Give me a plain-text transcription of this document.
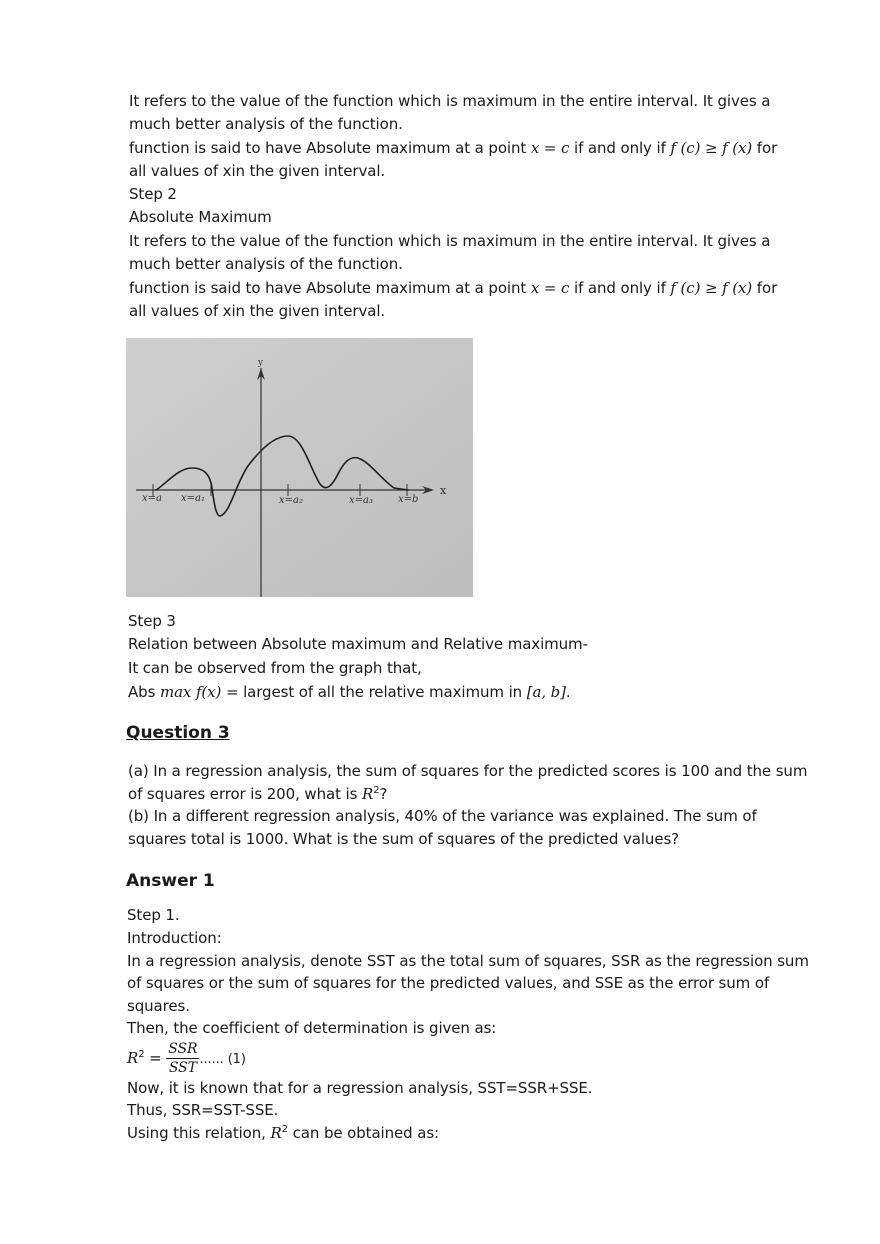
It refers to the value of the function which is maximum in the entire interval. It gives a
much better analysis of the function.
function is said to have Absolute maximum at a point x = c if and only if f (c) ≥ f (x) for
all values of xin the given interval.
Step 2
Absolute Maximum
It refers to the value of the function which is maximum in the entire interval. It gives a
much better analysis of the function.
function is said to have Absolute maximum at a point x = c if and only if f (c) ≥ f (x) for
all values of xin the given interval.
y
x
x=a x=a₁	x=a₂	x=a₃	x=b
Step 3
Relation between Absolute maximum and Relative maximum-
It can be observed from the graph that,
Abs max f(x) = largest of all the relative maximum in [a, b].
Question 3
(a) In a regression analysis, the sum of squares for the predicted scores is 100 and the sum
of squares error is 200, what is $R^2$?
(b) In a different regression analysis, 40% of the variance was explained. The sum of
squares total is 1000. What is the sum of squares of the predicted values?
Answer 1
Step 1.
Introduction:
In a regression analysis, denote SST as the total sum of squares, SSR as the regression sum
of squares or the sum of squares for the predicted values, and SSE as the error sum of
squares.
Then, the coefficient of determination is given as:
$R^2 = \frac{\text{SSR}}{\text{SST}}$ ...... (1)
Now, it is known that for a regression analysis, SST=SSR+SSE.
Thus, SSR=SST-SSE.
Using this relation, $R^2$ can be obtained as:
